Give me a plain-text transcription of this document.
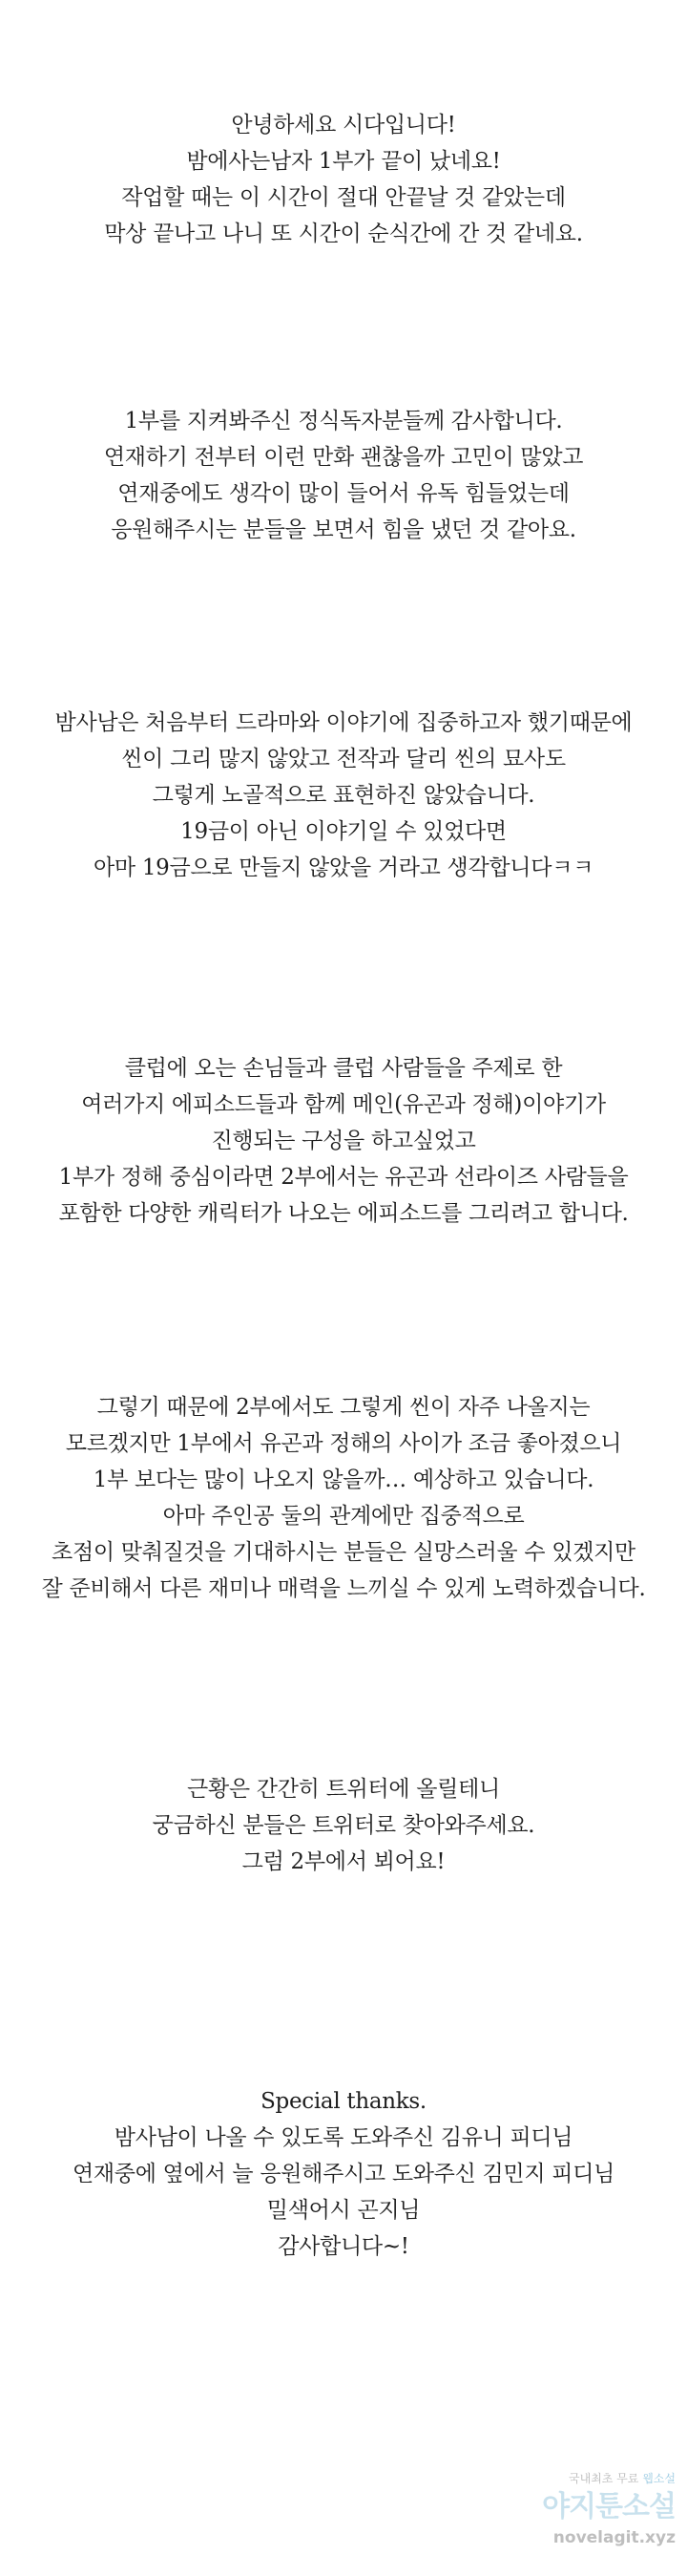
안녕하세요 시다입니다!
밤에사는남자 1부가 끝이 났네요!
작업할 때는 이 시간이 절대 안끝날 것 같았는데
막상 끝나고 나니 또 시간이 순식간에 간 것 같네요.
1부를 지켜봐주신 정식독자분들께 감사합니다.
연재하기 전부터 이런 만화 괜찮을까 고민이 많았고
연재중에도 생각이 많이 들어서 유독 힘들었는데
응원해주시는 분들을 보면서 힘을 냈던 것 같아요.
밤사남은 처음부터 드라마와 이야기에 집중하고자 했기때문에
씬이 그리 많지 않았고 전작과 달리 씬의 묘사도
그렇게 노골적으로 표현하진 않았습니다.
19금이 아닌 이야기일 수 있었다면
아마 19금으로 만들지 않았을 거라고 생각합니다ㅋㅋ
클럽에 오는 손님들과 클럽 사람들을 주제로 한
여러가지 에피소드들과 함께 메인(유곤과 정해)이야기가
진행되는 구성을 하고싶었고
1부가 정해 중심이라면 2부에서는 유곤과 선라이즈 사람들을
포함한 다양한 캐릭터가 나오는 에피소드를 그리려고 합니다.
그렇기 때문에 2부에서도 그렇게 씬이 자주 나올지는
모르겠지만 1부에서 유곤과 정해의 사이가 조금 좋아졌으니
1부 보다는 많이 나오지 않을까… 예상하고 있습니다.
아마 주인공 둘의 관계에만 집중적으로
초점이 맞춰질것을 기대하시는 분들은 실망스러울 수 있겠지만
잘 준비해서 다른 재미나 매력을 느끼실 수 있게 노력하겠습니다.
근황은 간간히 트위터에 올릴테니
궁금하신 분들은 트위터로 찾아와주세요.
그럼 2부에서 뵈어요!
Special thanks.
밤사남이 나올 수 있도록 도와주신 김유니 피디님
연재중에 옆에서 늘 응원해주시고 도와주신 김민지 피디님
밀색어시 곤지님
감사합니다~!
국내최초 무료 웹소설
야지툰소설
novelagit.xyz
